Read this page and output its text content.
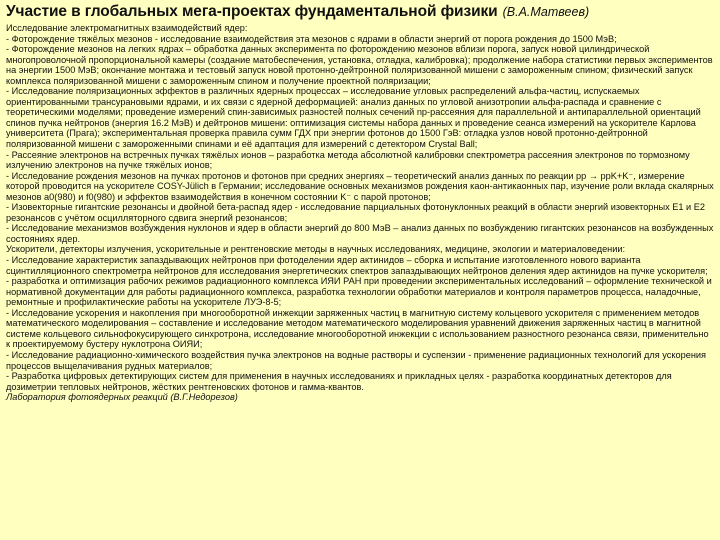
Участие в глобальных мега-проектах фундаментальной физики (В.А.Матвеев)

Исследование электромагнитных взаимодействий ядер:

- Фоторождение тяжёлых мезонов - исследование взаимодействия эта мезонов с ядрами в области энергий от порога рождения до 1500 МэВ;

- Фоторождение мезонов на легких ядрах – обработка данных эксперимента по фоторождению мезонов вблизи порога, запуск новой цилиндрической многопроволочной пропорциональной камеры (создание матобеспечения, установка, отладка, калибровка); продолжение набора статистики первых экспериментов на энергии 1500 МэВ; окончание монтажа и тестовый запуск новой протонно-дейтронной поляризованной мишени с замороженным спином; физический запуск комплекса поляризованной мишени с замороженным спином и получение проектной поляризации;

- Исследование поляризационных эффектов в различных ядерных процессах – исследование угловых распределений альфа-частиц, испускаемых ориентированными трансурановыми ядрами, и их связи с ядерной деформацией: анализ данных по угловой анизотропии альфа-распада и сравнение с теоретическими моделями; проведение измерений спин-зависимых разностей полных сечений np-рассеяния для параллельной и антипараллельной ориентаций спинов пучка нейтронов (энергия 16.2 МэВ) и дейтронов мишени: оптимизация системы набора данных и проведение сеанса измерений на ускорителе Карлова университета (Прага); экспериментальная проверка правила сумм ГДХ при энергии фотонов до 1500 ГэВ: отладка узлов новой протонно-дейтронной поляризованной мишени с замороженными спинами и её адаптация для измерений с детектором Crystal Ball;

- Рассеяние электронов на встречных пучках тяжёлых ионов – разработка метода абсолютной калибровки спектрометра рассеяния электронов по тормозному излучению электронов на пучке тяжёлых ионов;

- Исследование рождения мезонов на пучках протонов и фотонов при средних энергиях – теоретический анализ данных по реакции pp → ppK+K⁻, измерение которой проводится на ускорителе COSY-Jülich в Германии; исследование основных механизмов рождения каон-антикаонных пар, изучение роли вклада скалярных мезонов a0(980) и f0(980) и эффектов взаимодействия в конечном состоянии K⁻ с парой протонов;

- Изовекторные гигантские резонансы и двойной бета-распад ядер - исследование парциальных фотонуклонных реакций в области энергий изовекторных Е1 и Е2 резонансов с учётом осцилляторного сдвига энергий резонансов;

- Исследование механизмов возбуждения нуклонов и ядер в области энергий до 800 МэВ – анализ данных по возбуждению гигантских резонансов на возбужденных состояниях ядер.

Ускорители, детекторы излучения, ускорительные и рентгеновские методы в научных исследованиях, медицине, экологии и материаловедении:

- Исследование характеристик запаздывающих нейтронов при фотоделении ядер актинидов – сборка и испытание изготовленного нового варианта сцинтилляционного спектрометра нейтронов для исследования энергетических спектров запаздывающих нейтронов деления ядер актинидов на пучке ускорителя;

- разработка и оптимизация рабочих режимов радиационного комплекса ИЯИ РАН при проведении экспериментальных исследований – оформление технической и нормативной документации для работы радиационного комплекса, разработка технологии обработки материалов и контроля параметров процесса, наладочные, ремонтные и профилактические работы на ускорителе ЛУЭ-8-5;

- Исследование ускорения и накопления при многооборотной инжекции заряженных частиц в магнитную систему кольцевого ускорителя с применением методов математического моделирования – составление и исследование методом математического моделирования уравнений движения заряженных частиц в магнитной системе кольцевого сильнофокусирующего синхротрона, исследование многооборотной инжекции с использованием разностного резонанса связи, применительно к проектируемому бустеру нуклотрона ОИЯИ;

- Исследование радиационно-химического воздействия пучка электронов на водные растворы и суспензии - применение радиационных технологий для ускорения процессов выщелачивания рудных материалов;

- Разработка цифровых детектирующих систем для применения в научных исследованиях и прикладных целях - разработка координатных детекторов для дозиметрии тепловых нейтронов, жёстких рентгеновских фотонов и гамма-квантов.

Лаборатория фотоядерных реакций (В.Г.Недорезов)
